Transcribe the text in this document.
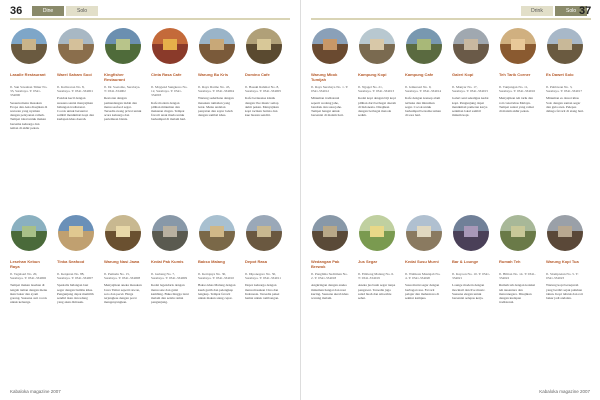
36	Dine	Solo
Lasalle Restaurant
Jl. Sun Sawahan Timur No. 33, Surabaya. T: 0341-334000
Sesuatu menu masakan Eropa dan Asia disajikan di restoran yang nyaman dengan pelayanan ramah. Tempat ideal untuk makan bersama keluarga dan teman di akhir pekan.
Warel Saham Sooi
Jl. Kaliwaron No. 8, Surabaya. T: 0341-334001
Pondok kecil dengan suasana santai menyajikan hidangan tradisional. Cocok untuk bersantai sambil menikmati kopi dan kudapan khas daerah.
Kingfisher Restaurant
Jl. Dr. Soetomo, Surabaya. T: 0341-334002
Restoran dengan pemandangan indah dan menu seafood segar. Tersedia ruang privat untuk acara keluarga dan pertemuan bisnis.
Cinta Rasa Cafe
Jl. Mayjend Sungkono No. 12, Surabaya. T: 0341-334003
Kafe modern dengan pilihan minuman dan makanan ringan. Tempat favorit anak muda untuk berkumpul di malam hari.
Warung Bu Kris
Jl. Raya Darmo No. 45, Surabaya. T: 0341-334004
Warung sederhana dengan masakan rumahan yang lezat. Menu andalan penyetan dan sayur lodeh dengan sambal khas.
Domino Cafe
Jl. Basuki Rahmat No. 8, Surabaya. T: 0341-334005
Kafe bernuansa klasik dengan live music setiap akhir pekan. Menyajikan kopi racikan barista dan kue buatan sendiri.
Lesehan Kebun Raya
Jl. Tegalsari No. 20, Surabaya. T: 0341-334006
Tempat makan lesehan di tengah taman dengan menu ikan bakar dan ayam goreng. Suasana asri cocok untuk keluarga.
Tinka Seafood
Jl. Kenjeran No. 88, Surabaya. T: 0341-334007
Spesialis hidangan laut segar dengan bumbu khas. Pengunjung dapat memilih sendiri ikan dan udang yang akan dimasak.
Warung Nasi Jawa
Jl. Pemuda No. 15, Surabaya. T: 0341-334008
Menyajikan aneka masakan Jawa Timur seperti rawon, soto dan pecel. Harga terjangkau dengan porsi mengenyangkan.
Kedai Pak Kumis
Jl. Gubeng No. 7, Surabaya. T: 0341-334009
Kedai legendaris dengan menu sate dan gulai kambing. Buka hingga larut malam dan selalu ramai pengunjung.
Bakso Malang
Jl. Kertajaya No. 30, Surabaya. T: 0341-334010
Bakso khas Malang dengan kuah gurih dan pelengkap lengkap. Tempat favorit untuk makan siang cepat.
Depot Rasa
Jl. Diponegoro No. 50, Surabaya. T: 0341-334011
Depot keluarga dengan menu masakan Cina dan Indonesia. Tersedia paket hemat untuk rombongan.
Kabaloka magazine 2007
Drink	Solo 37
Warung Mbok Tumijah
Jl. Raya Surabaya No. 1. T: 0341-334012
Minuman tradisional seperti wedang jahe, bandrek dan susu jahe. Tempat hangat untuk bersantai di malam hari.
Kampung Kopi
Jl. Ngagel No. 21, Surabaya. T: 0341-334013
Kedai kopi dengan biji kopi pilihan dari berbagai daerah di Indonesia. Disajikan dengan berbagai metode seduh.
Kampung Cafe
Jl. Jemursari No. 9, Surabaya. T: 0341-334014
Kafe dengan konsep alam terbuka dan minuman segar. Cocok untuk berkumpul bersama teman di sore hari.
Galeri Kopi
Jl. Manyar No. 17, Surabaya. T: 0341-334015
Galeri seni sekaligus kedai kopi. Pengunjung dapat menikmati pameran karya seniman lokal sambil minum kopi.
Teh Tarik Corner
Jl. Tunjungan No. 11, Surabaya. T: 0341-334016
Menyajikan teh tarik dan roti canai khas Melayu. Tempat santai yang ramai di malam akhir pekan.
Es Dawet Solo
Jl. Pahlawan No. 3, Surabaya. T: 0341-334017
Minuman es dawet khas Solo dengan santan segar dan gula aren. Pelepas dahaga favorit di siang hari.
Wedangan Pak Brewok
Jl. Panglima Sudirman No. 2. T: 0341-334018
Angkringan dengan aneka minuman hangat dan nasi kucing. Suasana akrab khas warung malam.
Jus Segar
Jl. Embong Malang No. 6. T: 0341-334019
Aneka jus buah segar tanpa pengawet. Tersedia juga salad buah dan smoothie sehat.
Kedai Susu Murni
Jl. Walikota Mustajab No. 4. T: 0341-334020
Susu murni segar dengan berbagai rasa. Favorit pelajar dan mahasiswa di sekitar kampus.
Bar & Lounge
Jl. Kayoon No. 10. T: 0341-334021
Lounge modern dengan mocktail dan live music. Suasana elegan untuk bersantai selepas kerja.
Rumah Teh
Jl. Biliton No. 14. T: 0341-334022
Rumah teh dengan koleksi teh nusantara dan mancanegara. Disajikan dengan kudapan tradisional.
Warung Kopi Tua
Jl. Slompretan No. 5. T: 0341-334023
Warung kopi bersejarah yang berdiri sejak puluhan tahun. Kopi tubruk dan roti bakar jadi andalan.
Kabaloka magazine 2007
